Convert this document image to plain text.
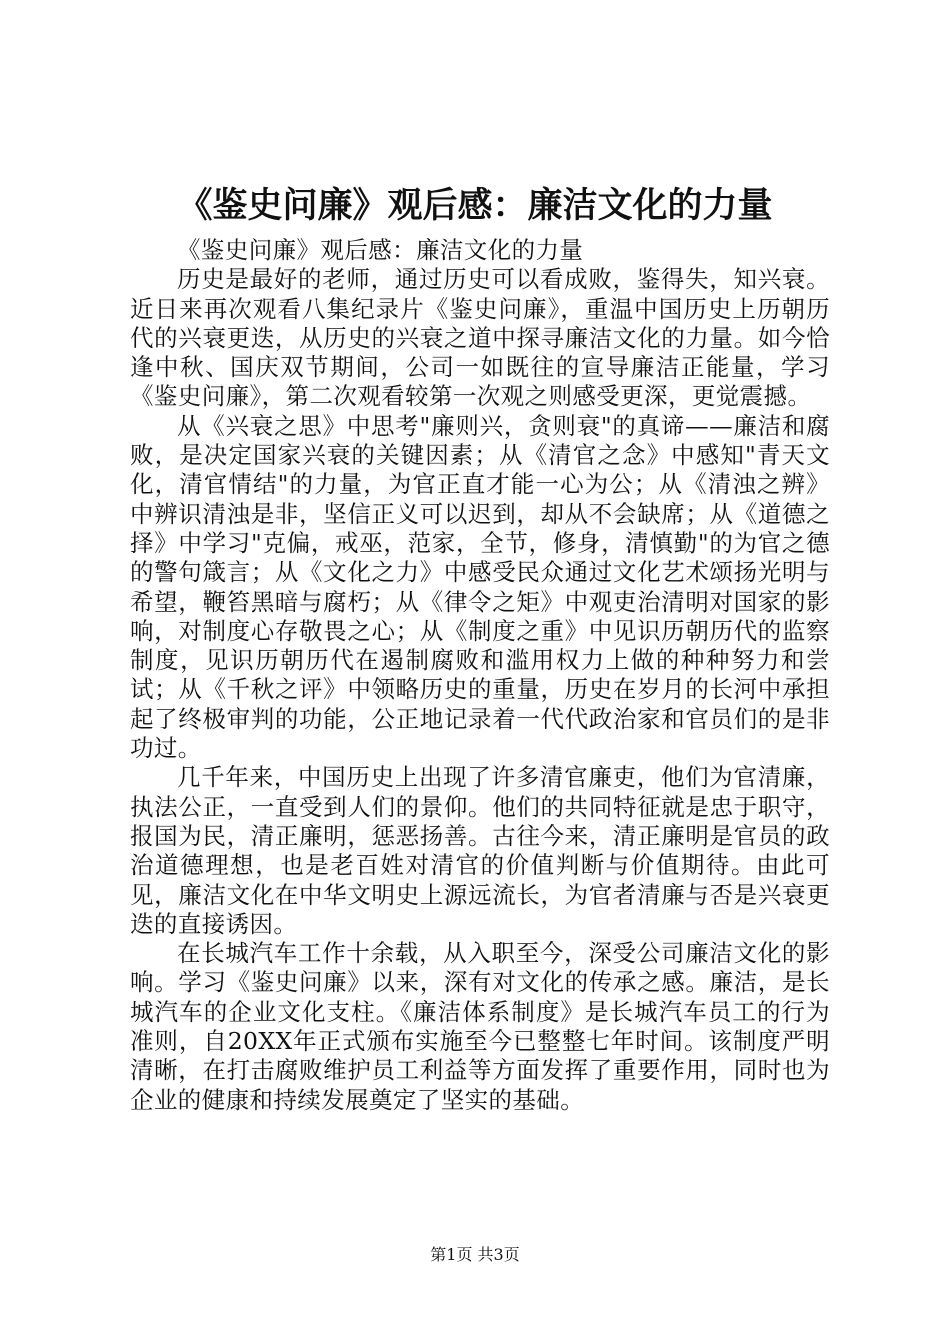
《鉴史问廉》观后感：廉洁文化的力量

《鉴史问廉》观后感：廉洁文化的力量

历史是最好的老师，通过历史可以看成败，鉴得失，知兴衰。近日来再次观看八集纪录片《鉴史问廉》，重温中国历史上历朝历代的兴衰更迭，从历史的兴衰之道中探寻廉洁文化的力量。如今恰逢中秋、国庆双节期间，公司一如既往的宣导廉洁正能量，学习《鉴史问廉》，第二次观看较第一次观之则感受更深，更觉震撼。

从《兴衰之思》中思考"廉则兴，贪则衰"的真谛——廉洁和腐败，是决定国家兴衰的关键因素；从《清官之念》中感知"青天文化，清官情结"的力量，为官正直才能一心为公；从《清浊之辨》中辨识清浊是非，坚信正义可以迟到，却从不会缺席；从《道德之择》中学习"克偏，戒巫，范家，全节，修身，清慎勤"的为官之德的警句箴言；从《文化之力》中感受民众通过文化艺术颂扬光明与希望，鞭笞黑暗与腐朽；从《律令之矩》中观吏治清明对国家的影响，对制度心存敬畏之心；从《制度之重》中见识历朝历代的监察制度，见识历朝历代在遏制腐败和滥用权力上做的种种努力和尝试；从《千秋之评》中领略历史的重量，历史在岁月的长河中承担起了终极审判的功能，公正地记录着一代代政治家和官员们的是非功过。

几千年来，中国历史上出现了许多清官廉吏，他们为官清廉，执法公正，一直受到人们的景仰。他们的共同特征就是忠于职守，报国为民，清正廉明，惩恶扬善。古往今来，清正廉明是官员的政治道德理想，也是老百姓对清官的价值判断与价值期待。由此可见，廉洁文化在中华文明史上源远流长，为官者清廉与否是兴衰更迭的直接诱因。

在长城汽车工作十余载，从入职至今，深受公司廉洁文化的影响。学习《鉴史问廉》以来，深有对文化的传承之感。廉洁，是长城汽车的企业文化支柱。《廉洁体系制度》是长城汽车员工的行为准则，自20XX年正式颁布实施至今已整整七年时间。该制度严明清晰，在打击腐败维护员工利益等方面发挥了重要作用，同时也为企业的健康和持续发展奠定了坚实的基础。

第1页 共3页
